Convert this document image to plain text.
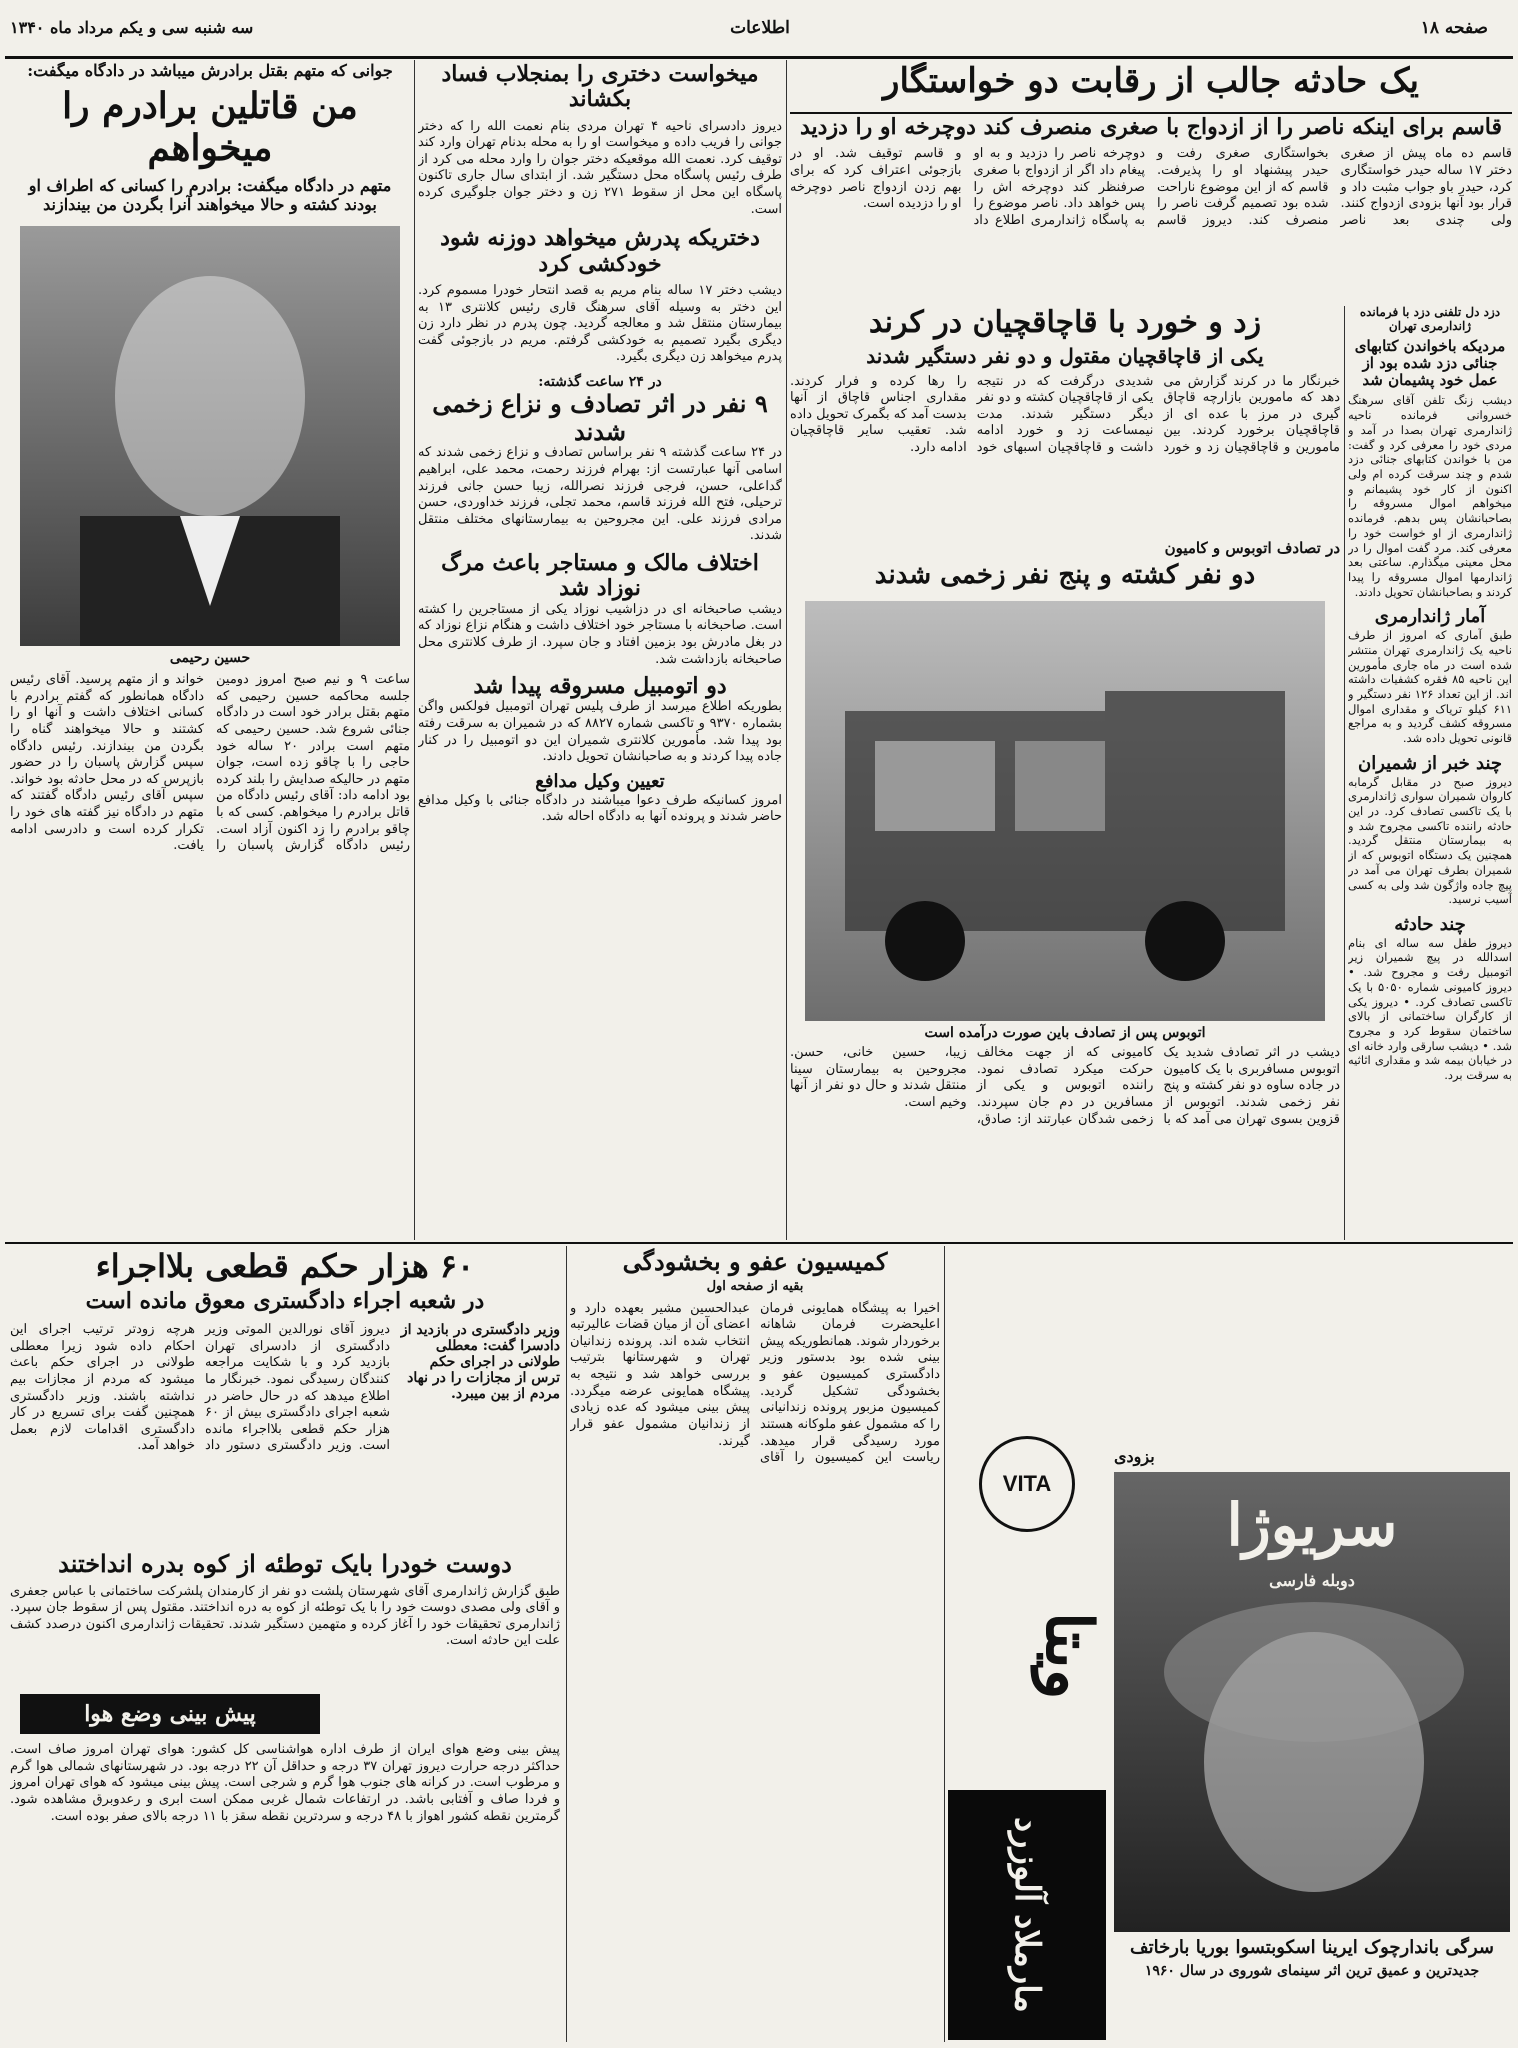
صفحه ۱۸
اطلاعات
سه شنبه سی و یکم مرداد ماه ۱۳۴۰
جوانی که متهم بقتل برادرش میباشد در دادگاه میگفت:
من قاتلین برادرم را میخواهم
متهم در دادگاه میگفت: برادرم را کسانی که اطراف او بودند کشته و حالا میخواهند آنرا بگردن من بیندازند
حسین رحیمی
ساعت ۹ و نیم صبح امروز دومین جلسه محاکمه حسین رحیمی که متهم بقتل برادر خود است در دادگاه جنائی شروع شد. حسین رحیمی که متهم است برادر ۲۰ ساله خود حاجی را با چاقو زده است، جوان متهم در حالیکه صدایش را بلند کرده بود ادامه داد: آقای رئیس دادگاه من قاتل برادرم را میخواهم. کسی که با چاقو برادرم را زد اکنون آزاد است. رئیس دادگاه گزارش پاسبان را خواند و از متهم پرسید. آقای رئیس دادگاه همانطور که گفتم برادرم با کسانی اختلاف داشت و آنها او را کشتند و حالا میخواهند گناه را بگردن من بیندازند. رئیس دادگاه سپس گزارش پاسبان را در حضور بازپرس که در محل حادثه بود خواند. سپس آقای رئیس دادگاه گفتند که متهم در دادگاه نیز گفته های خود را تکرار کرده است و دادرسی ادامه یافت.
میخواست دختری را بمنجلاب فساد بکشاند
دیروز دادسرای ناحیه ۴ تهران مردی بنام نعمت الله را که دختر جوانی را فریب داده و میخواست او را به محله بدنام تهران وارد کند توقیف کرد. نعمت الله موقعیکه دختر جوان را وارد محله می کرد از طرف رئیس پاسگاه محل دستگیر شد. از ابتدای سال جاری تاکنون پاسگاه این محل از سقوط ۲۷۱ زن و دختر جوان جلوگیری کرده است.
دختریکه پدرش میخواهد دوزنه شود خودکشی کرد
دیشب دختر ۱۷ ساله بنام مریم به قصد انتحار خودرا مسموم کرد. این دختر به وسیله آقای سرهنگ قاری رئیس کلانتری ۱۳ به بیمارستان منتقل شد و معالجه گردید. چون پدرم در نظر دارد زن دیگری بگیرد تصمیم به خودکشی گرفتم. مریم در بازجوئی گفت پدرم میخواهد زن دیگری بگیرد.
در ۲۴ ساعت گذشته:
۹ نفر در اثر تصادف و نزاع زخمی شدند
در ۲۴ ساعت گذشته ۹ نفر براساس تصادف و نزاع زخمی شدند که اسامی آنها عبارتست از: بهرام فرزند رحمت، محمد علی، ابراهیم گداعلی، حسن، فرجی فرزند نصرالله، زیبا حسن جانی فرزند ترحیلی، فتح الله فرزند قاسم، محمد تجلی، فرزند خداوردی، حسن مرادی فرزند علی. این مجروحین به بیمارستانهای مختلف منتقل شدند.
اختلاف مالک و مستاجر باعث مرگ نوزاد شد
دیشب صاحبخانه ای در دزاشیب نوزاد یکی از مستاجرین را کشته است. صاحبخانه با مستاجر خود اختلاف داشت و هنگام نزاع نوزاد که در بغل مادرش بود بزمین افتاد و جان سپرد. از طرف کلانتری محل صاحبخانه بازداشت شد.
دو اتومبیل مسروقه پیدا شد
بطوریکه اطلاع میرسد از طرف پلیس تهران اتومبیل فولکس واگن بشماره ۹۳۷۰ و تاکسی شماره ۸۸۲۷ که در شمیران به سرقت رفته بود پیدا شد. مأمورین کلانتری شمیران این دو اتومبیل را در کنار جاده پیدا کردند و به صاحبانشان تحویل دادند.
تعیین وکیل مدافع
امروز کسانیکه طرف دعوا میباشند در دادگاه جنائی با وکیل مدافع حاضر شدند و پرونده آنها به دادگاه احاله شد.
یک حادثه جالب از رقابت دو خواستگار
قاسم برای اینکه ناصر را از ازدواج با صغری منصرف کند دوچرخه او را دزدید
قاسم ده ماه پیش از صغری دختر ۱۷ ساله حیدر خواستگاری کرد، حیدر باو جواب مثبت داد و قرار بود آنها بزودی ازدواج کنند. ولی چندی بعد ناصر بخواستگاری صغری رفت و حیدر پیشنهاد او را پذیرفت. قاسم که از این موضوع ناراحت شده بود تصمیم گرفت ناصر را منصرف کند. دیروز قاسم دوچرخه ناصر را دزدید و به او پیغام داد اگر از ازدواج با صغری صرفنظر کند دوچرخه اش را پس خواهد داد. ناصر موضوع را به پاسگاه ژاندارمری اطلاع داد و قاسم توقیف شد. او در بازجوئی اعتراف کرد که برای بهم زدن ازدواج ناصر دوچرخه او را دزدیده است.
زد و خورد با قاچاقچیان در کرند
یکی از قاچاقچیان مقتول و دو نفر دستگیر شدند
خبرنگار ما در کرند گزارش می دهد که مامورین بازارچه قاچاق گیری در مرز با عده ای از قاچاقچیان برخورد کردند. بین مامورین و قاچاقچیان زد و خورد شدیدی درگرفت که در نتیجه یکی از قاچاقچیان کشته و دو نفر دیگر دستگیر شدند. مدت نیمساعت زد و خورد ادامه داشت و قاچاقچیان اسبهای خود را رها کرده و فرار کردند. مقداری اجناس قاچاق از آنها بدست آمد که بگمرک تحویل داده شد. تعقیب سایر قاچاقچیان ادامه دارد.
در تصادف اتوبوس و کامیون
دو نفر کشته و پنج نفر زخمی شدند
اتوبوس پس از تصادف باین صورت درآمده است
دیشب در اثر تصادف شدید یک اتوبوس مسافربری با یک کامیون در جاده ساوه دو نفر کشته و پنج نفر زخمی شدند. اتوبوس از قزوین بسوی تهران می آمد که با کامیونی که از جهت مخالف حرکت میکرد تصادف نمود. راننده اتوبوس و یکی از مسافرین در دم جان سپردند. زخمی شدگان عبارتند از: صادق، زیبا، حسین خانی، حسن. مجروحین به بیمارستان سینا منتقل شدند و حال دو نفر از آنها وخیم است.
دزد دل تلفنی دزد با فرمانده ژاندارمری تهران
مردیکه باخواندن کتابهای جنائی دزد شده بود از عمل خود پشیمان شد
دیشب زنگ تلفن آقای سرهنگ خسروانی فرمانده ناحیه ژاندارمری تهران بصدا در آمد و مردی خود را معرفی کرد و گفت: من با خواندن کتابهای جنائی دزد شدم و چند سرقت کرده ام ولی اکنون از کار خود پشیمانم و میخواهم اموال مسروقه را بصاحبانشان پس بدهم. فرمانده ژاندارمری از او خواست خود را معرفی کند. مرد گفت اموال را در محل معینی میگذارم. ساعتی بعد ژاندارمها اموال مسروقه را پیدا کردند و بصاحبانشان تحویل دادند.
آمار ژاندارمری
طبق آماری که امروز از طرف ناحیه یک ژاندارمری تهران منتشر شده است در ماه جاری مأمورین این ناحیه ۸۵ فقره کشفیات داشته اند. از این تعداد ۱۲۶ نفر دستگیر و ۶۱۱ کیلو تریاک و مقداری اموال مسروقه کشف گردید و به مراجع قانونی تحویل داده شد.
چند خبر از شمیران
دیروز صبح در مقابل گرمابه کاروان شمیران سواری ژاندارمری با یک تاکسی تصادف کرد. در این حادثه راننده تاکسی مجروح شد و به بیمارستان منتقل گردید. همچنین یک دستگاه اتوبوس که از شمیران بطرف تهران می آمد در پیچ جاده واژگون شد ولی به کسی آسیب نرسید.
چند حادثه
دیروز طفل سه ساله ای بنام اسدالله در پیچ شمیران زیر اتومبیل رفت و مجروح شد. • دیروز کامیونی شماره ۵۰۵۰ با یک تاکسی تصادف کرد. • دیروز یکی از کارگران ساختمانی از بالای ساختمان سقوط کرد و مجروح شد. • دیشب سارقی وارد خانه ای در خیابان بیمه شد و مقداری اثاثیه به سرقت برد.
۶۰ هزار حکم قطعی بلااجراء
در شعبه اجراء دادگستری معوق مانده است
وزیر دادگستری در بازدید از دادسرا گفت: معطلی طولانی در اجرای حکم ترس از مجازات را در نهاد مردم از بین میبرد.
دیروز آقای نورالدین الموتی وزیر دادگستری از دادسرای تهران بازدید کرد و با شکایت مراجعه کنندگان رسیدگی نمود. خبرنگار ما اطلاع میدهد که در حال حاضر در شعبه اجرای دادگستری بیش از ۶۰ هزار حکم قطعی بلااجراء مانده است. وزیر دادگستری دستور داد هرچه زودتر ترتیب اجرای این احکام داده شود زیرا معطلی طولانی در اجرای حکم باعث میشود که مردم از مجازات بیم نداشته باشند. وزیر دادگستری همچنین گفت برای تسریع در کار دادگستری اقدامات لازم بعمل خواهد آمد.
دوست خودرا بایک توطئه از کوه بدره انداختند
طبق گزارش ژاندارمری آقای شهرستان پلشت دو نفر از کارمندان پلشرکت ساختمانی با عباس جعفری و آقای ولی مصدی دوست خود را با یک توطئه از کوه به دره انداختند. مقتول پس از سقوط جان سپرد. ژاندارمری تحقیقات خود را آغاز کرده و متهمین دستگیر شدند. تحقیقات ژاندارمری اکنون درصدد کشف علت این حادثه است.
پیش بینی وضع هوا
پیش بینی وضع هوای ایران از طرف اداره هواشناسی کل کشور: هوای تهران امروز صاف است. حداکثر درجه حرارت دیروز تهران ۳۷ درجه و حداقل آن ۲۲ درجه بود. در شهرستانهای شمالی هوا گرم و مرطوب است. در کرانه های جنوب هوا گرم و شرجی است. پیش بینی میشود که هوای تهران امروز و فردا صاف و آفتابی باشد. در ارتفاعات شمال غربی ممکن است ابری و رعدوبرق مشاهده شود. گرمترین نقطه کشور اهواز با ۴۸ درجه و سردترین نقطه سقز با ۱۱ درجه بالای صفر بوده است.
کمیسیون عفو و بخشودگی
بقیه از صفحه اول
اخیرا به پیشگاه همایونی فرمان اعلیحضرت فرمان شاهانه برخوردار شوند. همانطوریکه پیش بینی شده بود بدستور وزیر دادگستری کمیسیون عفو و بخشودگی تشکیل گردید. کمیسیون مزبور پرونده زندانیانی را که مشمول عفو ملوکانه هستند مورد رسیدگی قرار میدهد. ریاست این کمیسیون را آقای عبدالحسین مشیر بعهده دارد و اعضای آن از میان قضات عالیرتبه انتخاب شده اند. پرونده زندانیان تهران و شهرستانها بترتیب بررسی خواهد شد و نتیجه به پیشگاه همایونی عرضه میگردد. پیش بینی میشود که عده زیادی از زندانیان مشمول عفو قرار گیرند.
VITA
ویتا
مارملاد آلوزرد
بزودی
سریوژا
دوبله فارسی
سرگی باندارچوک ایرینا اسکوبتسوا بوریا بارخاتف
جدیدترین و عمیق ترین اثر سینمای شوروی در سال ۱۹۶۰
